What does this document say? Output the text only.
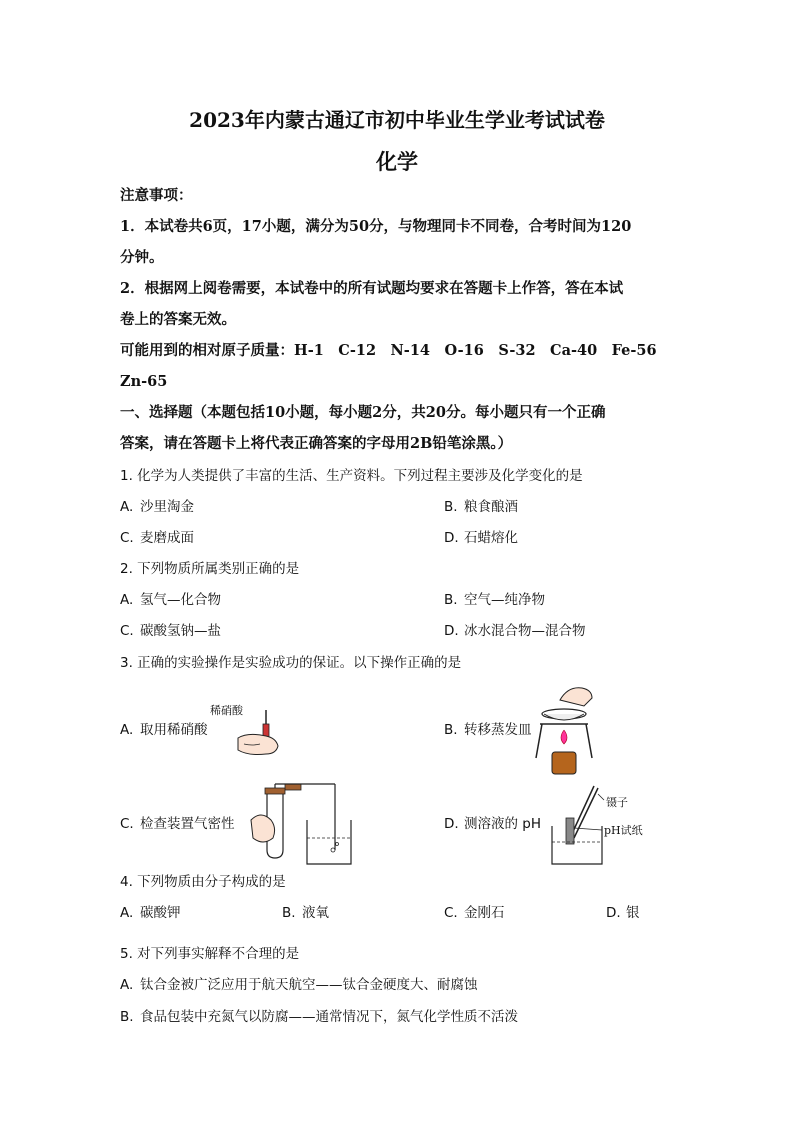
2023年内蒙古通辽市初中毕业生学业考试试卷
化学
注意事项：
1．本试卷共6页，17小题，满分为50分，与物理同卡不同卷，合考时间为120
分钟。
2．根据网上阅卷需要，本试卷中的所有试题均要求在答题卡上作答，答在本试
卷上的答案无效。
可能用到的相对原子质量：H-1　C-12　N-14　O-16　S-32　Ca-40　Fe-56
Zn-65
一、选择题（本题包括10小题，每小题2分，共20分。每小题只有一个正确
答案，请在答题卡上将代表正确答案的字母用2B铅笔涂黑。）
1. 化学为人类提供了丰富的生活、生产资料。下列过程主要涉及化学变化的是
A. 沙里淘金	B. 粮食酿酒
C. 麦磨成面	D. 石蜡熔化
2. 下列物质所属类别正确的是
A. 氢气—化合物	B. 空气—纯净物
C. 碳酸氢钠—盐	D. 冰水混合物—混合物
3. 正确的实验操作是实验成功的保证。以下操作正确的是
A. 取用稀硝酸
稀硝酸
B. 转移蒸发皿
C. 检查装置气密性	D. 测溶液的 pH
镊子
pH试纸
4. 下列物质由分子构成的是
A. 碳酸钾	B. 液氧	C. 金刚石	D. 银
5. 对下列事实解释不合理的是
A. 钛合金被广泛应用于航天航空——钛合金硬度大、耐腐蚀
B. 食品包装中充氮气以防腐——通常情况下，氮气化学性质不活泼
